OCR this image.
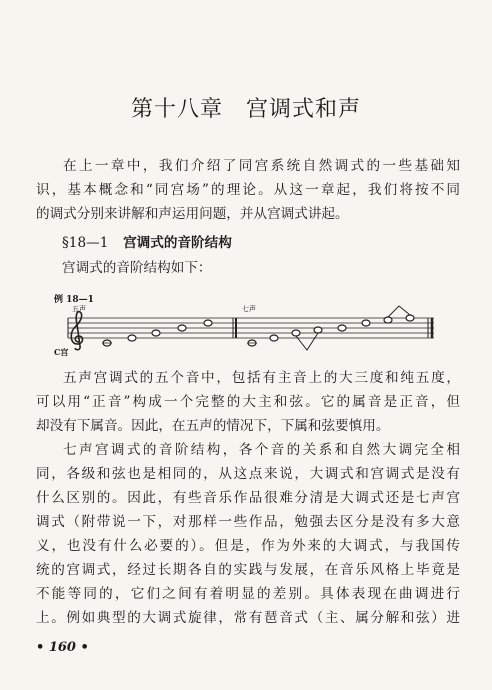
第十八章　宫调式和声
在上一章中，我们介绍了同宫系统自然调式的一些基础知
识，基本概念和“同宫场”的理论。从这一章起，我们将按不同
的调式分别来讲解和声运用问题，并从宫调式讲起。
§18—1 宫调式的音阶结构
宫调式的音阶结构如下：
例 18—1
五声	七声
C宫
五声宫调式的五个音中，包括有主音上的大三度和纯五度，
可以用“正音”构成一个完整的大主和弦。它的属音是正音，但
却没有下属音。因此，在五声的情况下，下属和弦要慎用。
七声宫调式的音阶结构，各个音的关系和自然大调完全相
同，各级和弦也是相同的，从这点来说，大调式和宫调式是没有
什么区别的。因此，有些音乐作品很难分清是大调式还是七声宫
调式（附带说一下，对那样一些作品，勉强去区分是没有多大意
义，也没有什么必要的）。但是，作为外来的大调式，与我国传
统的宫调式，经过长期各自的实践与发展，在音乐风格上毕竟是
不能等同的，它们之间有着明显的差别。具体表现在曲调进行
上。例如典型的大调式旋律，常有琶音式（主、属分解和弦）进
• 160 •
